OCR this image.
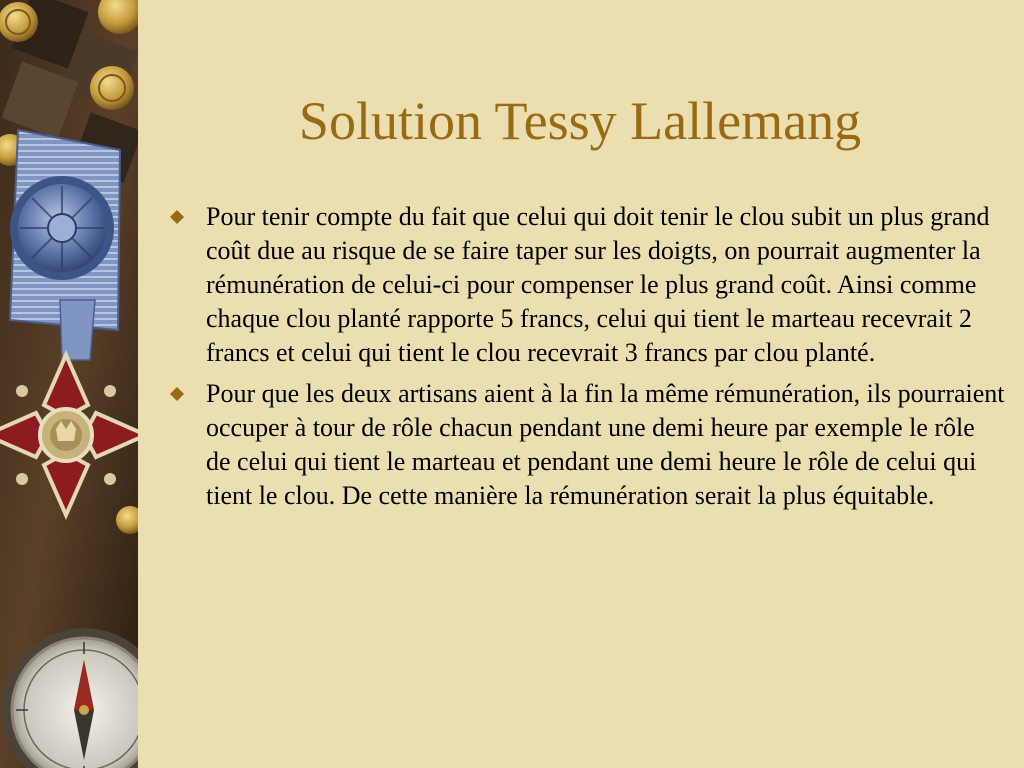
Solution Tessy Lallemang
Pour tenir compte du fait que celui qui doit tenir le clou subit un plus grand coût due au risque de se faire taper sur les doigts, on pourrait augmenter la rémunération de celui-ci pour compenser le plus grand coût. Ainsi comme chaque clou planté rapporte 5 francs, celui qui tient le marteau recevrait 2 francs et celui qui tient le clou recevrait 3 francs par clou planté.
Pour que les deux artisans aient à la fin la même rémunération, ils pourraient occuper à tour de rôle chacun pendant une demi heure par exemple le rôle de celui qui tient le marteau et pendant une demi heure le rôle de celui qui tient le clou. De cette manière la rémunération serait la plus équitable.
